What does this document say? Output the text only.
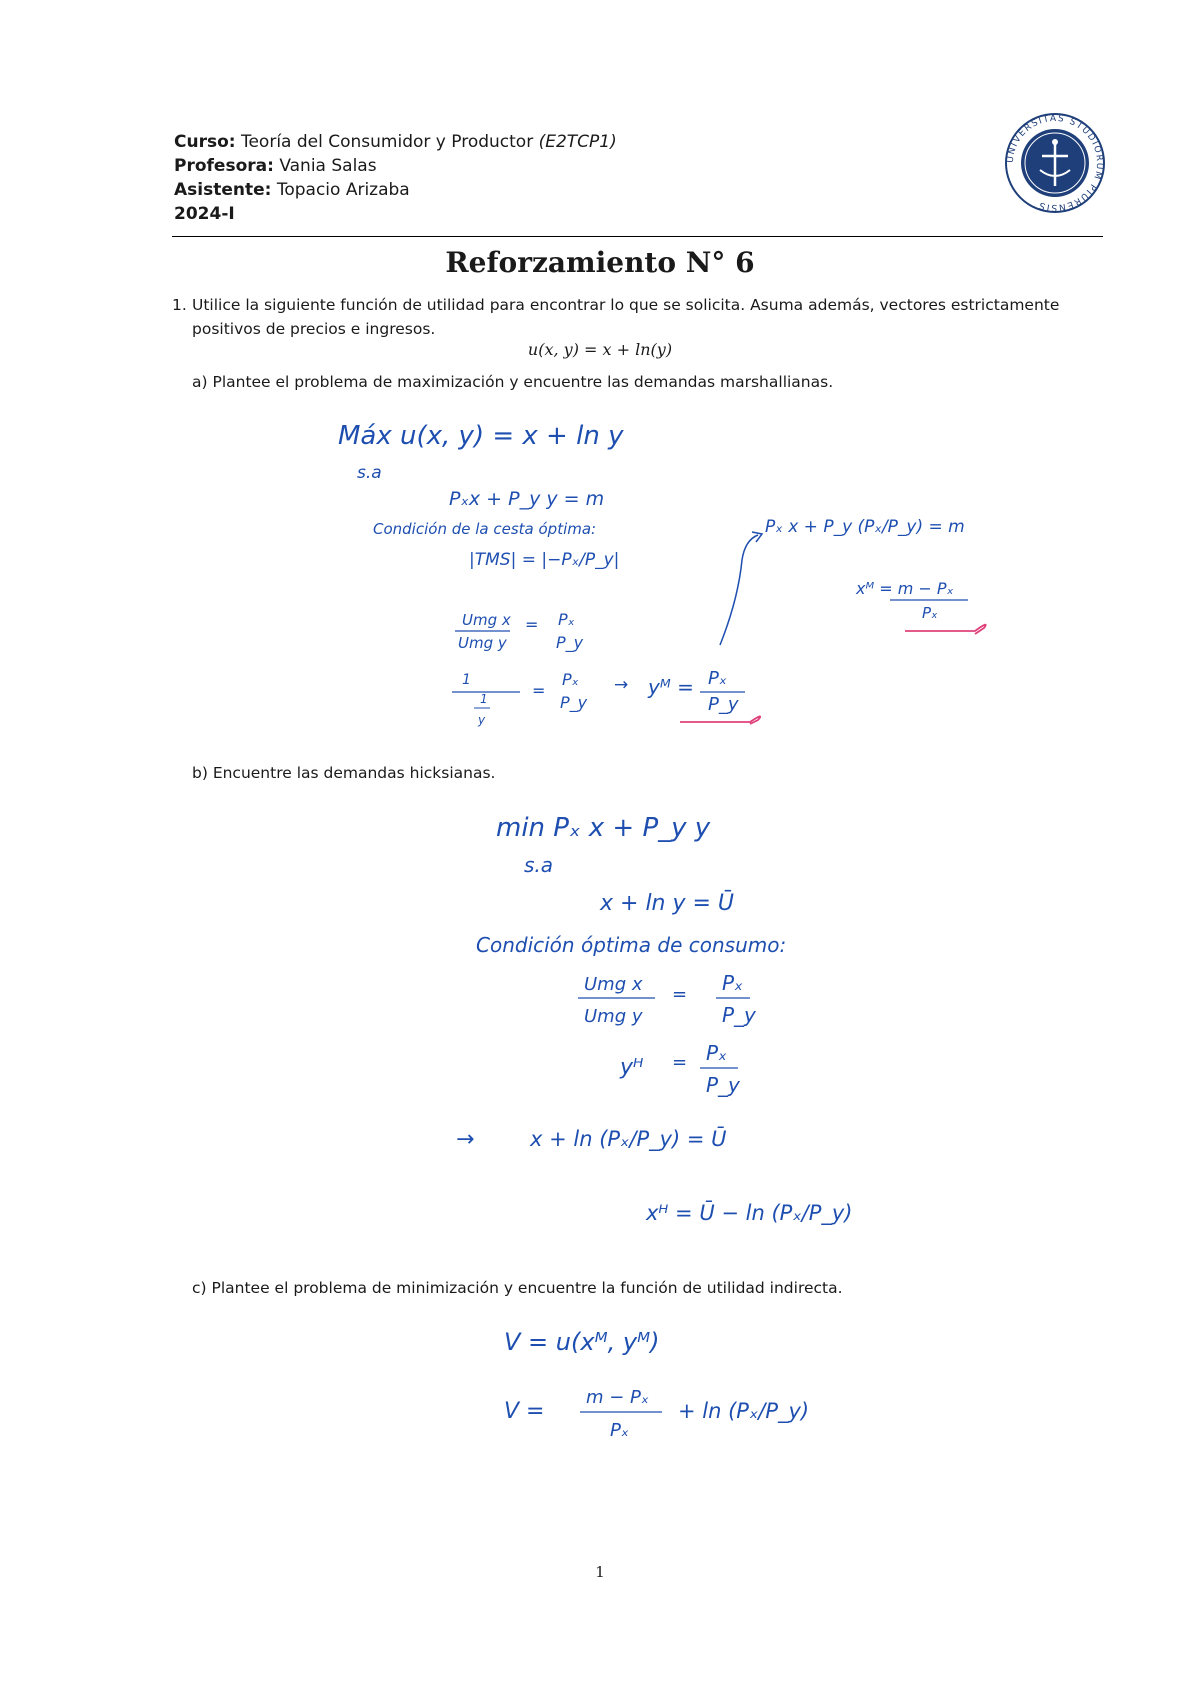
Curso: Teoría del Consumidor y Productor (E2TCP1)
Profesora: Vania Salas
Asistente: Topacio Arizaba
2024-I
UNIVERSITAS STUDIORUM PIURENSIS
Reforzamiento N° 6
1. Utilice la siguiente función de utilidad para encontrar lo que se solicita. Asuma además, vectores estrictamente positivos de precios e ingresos.
u(x, y) = x + ln(y)
a) Plantee el problema de maximización y encuentre las demandas marshallianas.
b) Encuentre las demandas hicksianas.
c) Plantee el problema de minimización y encuentre la función de utilidad indirecta.
Máx u(x, y) = x + ln y
s.a
Pₓx + P_y y = m
Condición de la cesta óptima:
|TMS| = |−Pₓ/P_y|
Umg x
Umg y
= Pₓ
P_y
1
1
y
=
Pₓ
P_y
→ yᴹ = Pₓ
P_y
Pₓ x + P_y (Pₓ/P_y) = m
xᴹ = m − Pₓ
Pₓ
min Pₓ x + P_y y
s.a
x + ln y = Ū
Condición óptima de consumo:
Umg x
Umg y
= Pₓ
P_y
yᴴ = Pₓ
P_y
→	x + ln (Pₓ/P_y) = Ū
xᴴ = Ū − ln (Pₓ/P_y)
V = u(xᴹ, yᴹ)
V =
m − Pₓ
Pₓ
+ ln (Pₓ/P_y)
1
